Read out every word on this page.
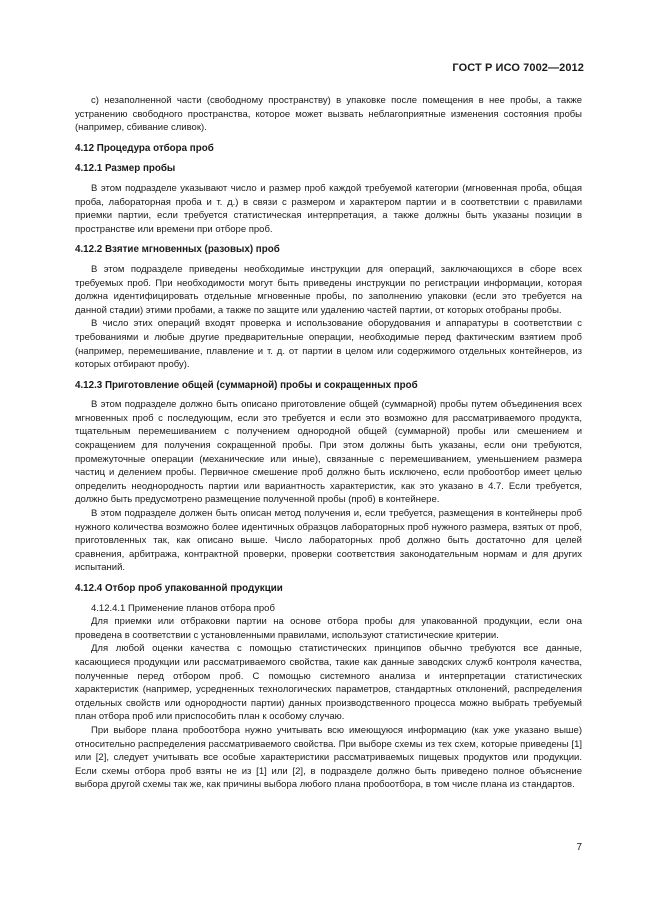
ГОСТ Р ИСО 7002—2012

c) незаполненной части (свободному пространству) в упаковке после помещения в нее пробы, а также устранению свободного пространства, которое может вызвать неблагоприятные изменения состояния пробы (например, сбивание сливок).

4.12 Процедура отбора проб
4.12.1 Размер пробы

В этом подразделе указывают число и размер проб каждой требуемой категории (мгновенная проба, общая проба, лабораторная проба и т. д.) в связи с размером и характером партии и в соответствии с правилами приемки партии, если требуется статистическая интерпретация, а также должны быть указаны позиции в пространстве или времени при отборе проб.

4.12.2 Взятие мгновенных (разовых) проб

В этом подразделе приведены необходимые инструкции для операций, заключающихся в сборе всех требуемых проб. При необходимости могут быть приведены инструкции по регистрации информации, которая должна идентифицировать отдельные мгновенные пробы, по заполнению упаковки (если это требуется на данной стадии) этими пробами, а также по защите или удалению частей партии, от которых отобраны пробы.

В число этих операций входят проверка и использование оборудования и аппаратуры в соответствии с требованиями и любые другие предварительные операции, необходимые перед фактическим взятием проб (например, перемешивание, плавление и т. д. от партии в целом или содержимого отдельных контейнеров, из которых отбирают пробу).

4.12.3 Приготовление общей (суммарной) пробы и сокращенных проб

В этом подразделе должно быть описано приготовление общей (суммарной) пробы путем объединения всех мгновенных проб с последующим, если это требуется и если это возможно для рассматриваемого продукта, тщательным перемешиванием с получением однородной общей (суммарной) пробы или смешением и сокращением для получения сокращенной пробы. При этом должны быть указаны, если они требуются, промежуточные операции (механические или иные), связанные с перемешиванием, уменьшением размера частиц и делением пробы. Первичное смешение проб должно быть исключено, если пробоотбор имеет целью определить неоднородность партии или вариантность характеристик, как это указано в 4.7. Если требуется, должно быть предусмотрено размещение полученной пробы (проб) в контейнере.

В этом подразделе должен быть описан метод получения и, если требуется, размещения в контейнеры проб нужного количества возможно более идентичных образцов лабораторных проб нужного размера, взятых от проб, приготовленных так, как описано выше. Число лабораторных проб должно быть достаточно для целей сравнения, арбитража, контрактной проверки, проверки соответствия законодательным нормам и для других испытаний.

4.12.4 Отбор проб упакованной продукции

4.12.4.1 Применение планов отбора проб

Для приемки или отбраковки партии на основе отбора пробы для упакованной продукции, если она проведена в соответствии с установленными правилами, используют статистические критерии.

Для любой оценки качества с помощью статистических принципов обычно требуются все данные, касающиеся продукции или рассматриваемого свойства, такие как данные заводских служб контроля качества, полученные перед отбором проб. С помощью системного анализа и интерпретации статистических характеристик (например, усредненных технологических параметров, стандартных отклонений, распределения отдельных свойств или однородности партии) данных производственного процесса можно выбрать требуемый план отбора проб или приспособить план к особому случаю.

При выборе плана пробоотбора нужно учитывать всю имеющуюся информацию (как уже указано выше) относительно распределения рассматриваемого свойства. При выборе схемы из тех схем, которые приведены [1] или [2], следует учитывать все особые характеристики рассматриваемых пищевых продуктов или продукции. Если схемы отбора проб взяты не из [1] или [2], в подразделе должно быть приведено полное объяснение выбора другой схемы так же, как причины выбора любого плана пробоотбора, в том числе плана из стандартов.

7
